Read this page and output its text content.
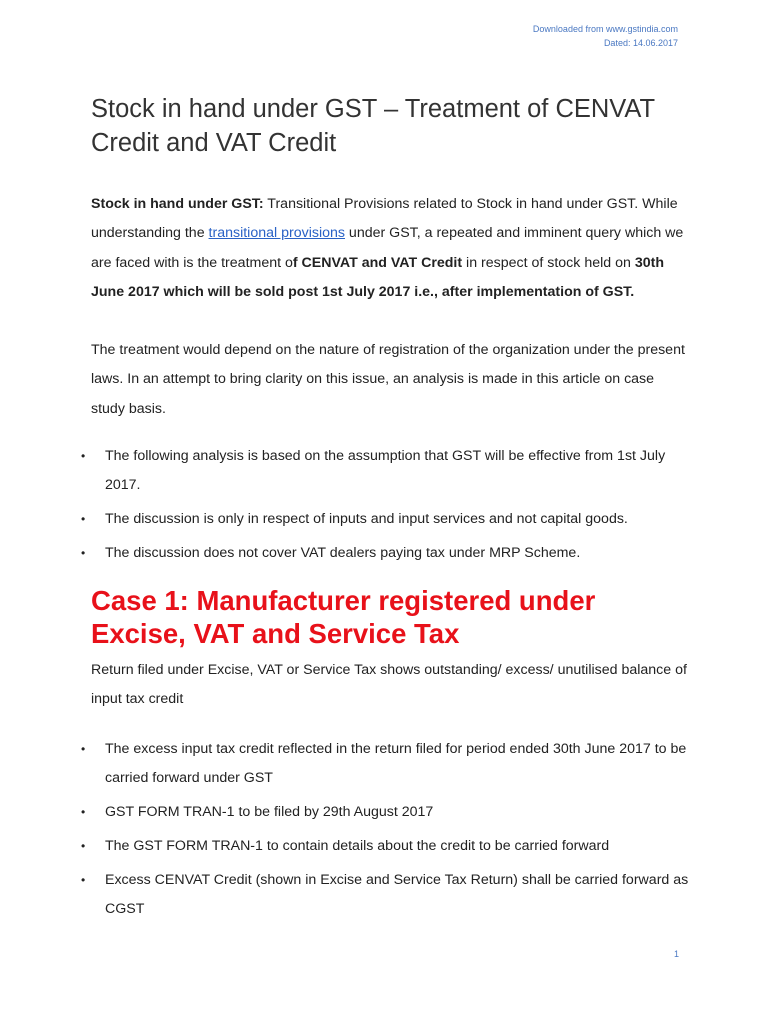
Downloaded from www.gstindia.com
Dated: 14.06.2017
Stock in hand under GST – Treatment of CENVAT Credit and VAT Credit
Stock in hand under GST: Transitional Provisions related to Stock in hand under GST. While understanding the transitional provisions under GST, a repeated and imminent query which we are faced with is the treatment of CENVAT and VAT Credit in respect of stock held on 30th June 2017 which will be sold post 1st July 2017 i.e., after implementation of GST.
The treatment would depend on the nature of registration of the organization under the present laws. In an attempt to bring clarity on this issue, an analysis is made in this article on case study basis.
• The following analysis is based on the assumption that GST will be effective from 1st July 2017.
• The discussion is only in respect of inputs and input services and not capital goods.
• The discussion does not cover VAT dealers paying tax under MRP Scheme.
Case 1: Manufacturer registered under Excise, VAT and Service Tax
Return filed under Excise, VAT or Service Tax shows outstanding/ excess/ unutilised balance of input tax credit
• The excess input tax credit reflected in the return filed for period ended 30th June 2017 to be carried forward under GST
• GST FORM TRAN-1 to be filed by 29th August 2017
• The GST FORM TRAN-1 to contain details about the credit to be carried forward
• Excess CENVAT Credit (shown in Excise and Service Tax Return) shall be carried forward as CGST
1
